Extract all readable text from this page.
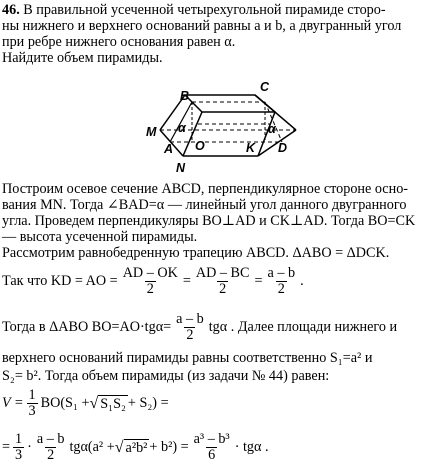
46. В правильной усеченной четырехугольной пирамиде сторо-
ны нижнего и верхнего оснований равны a и b, а двугранный угол
при ребре нижнего основания равен α.
Найдите объем пирамиды.
B
C
M
A
N
O	K D
α	α
Построим осевое сечение ABCD, перпендикулярное стороне осно-
вания MN. Тогда ∠BAD=α — линейный угол данного двугранного
угла. Проведем перпендикуляры BO⊥AD и CK⊥AD. Тогда BO=CK
— высота усеченной пирамиды.
Рассмотрим равнобедренную трапецию ABCD. ΔABO = ΔDCK.
Так что KD = AO = $\frac{AD - OK}{2} = \frac{AD - BC}{2} = \frac{a - b}{2}$ .
Тогда в ΔABO $BO=AO\cdot tg\alpha= \frac{a - b}{2}$ tgα . Далее площади нижнего и
верхнего оснований пирамиды равны соответственно S₁=a² и
S₂= b². Тогда объем пирамиды (из задачи № 44) равен:
$V = \frac{1}{3} BO(S_1$ + √ S₁S₂ + S₂) =
= $\frac{1}{3} \cdot \frac{a - b}{2} tg\alpha(a^2$ + √ $a^2b^2 + b^2) = \frac{\text{a³ – b³}}{6} \cdot tg\alpha$ .
